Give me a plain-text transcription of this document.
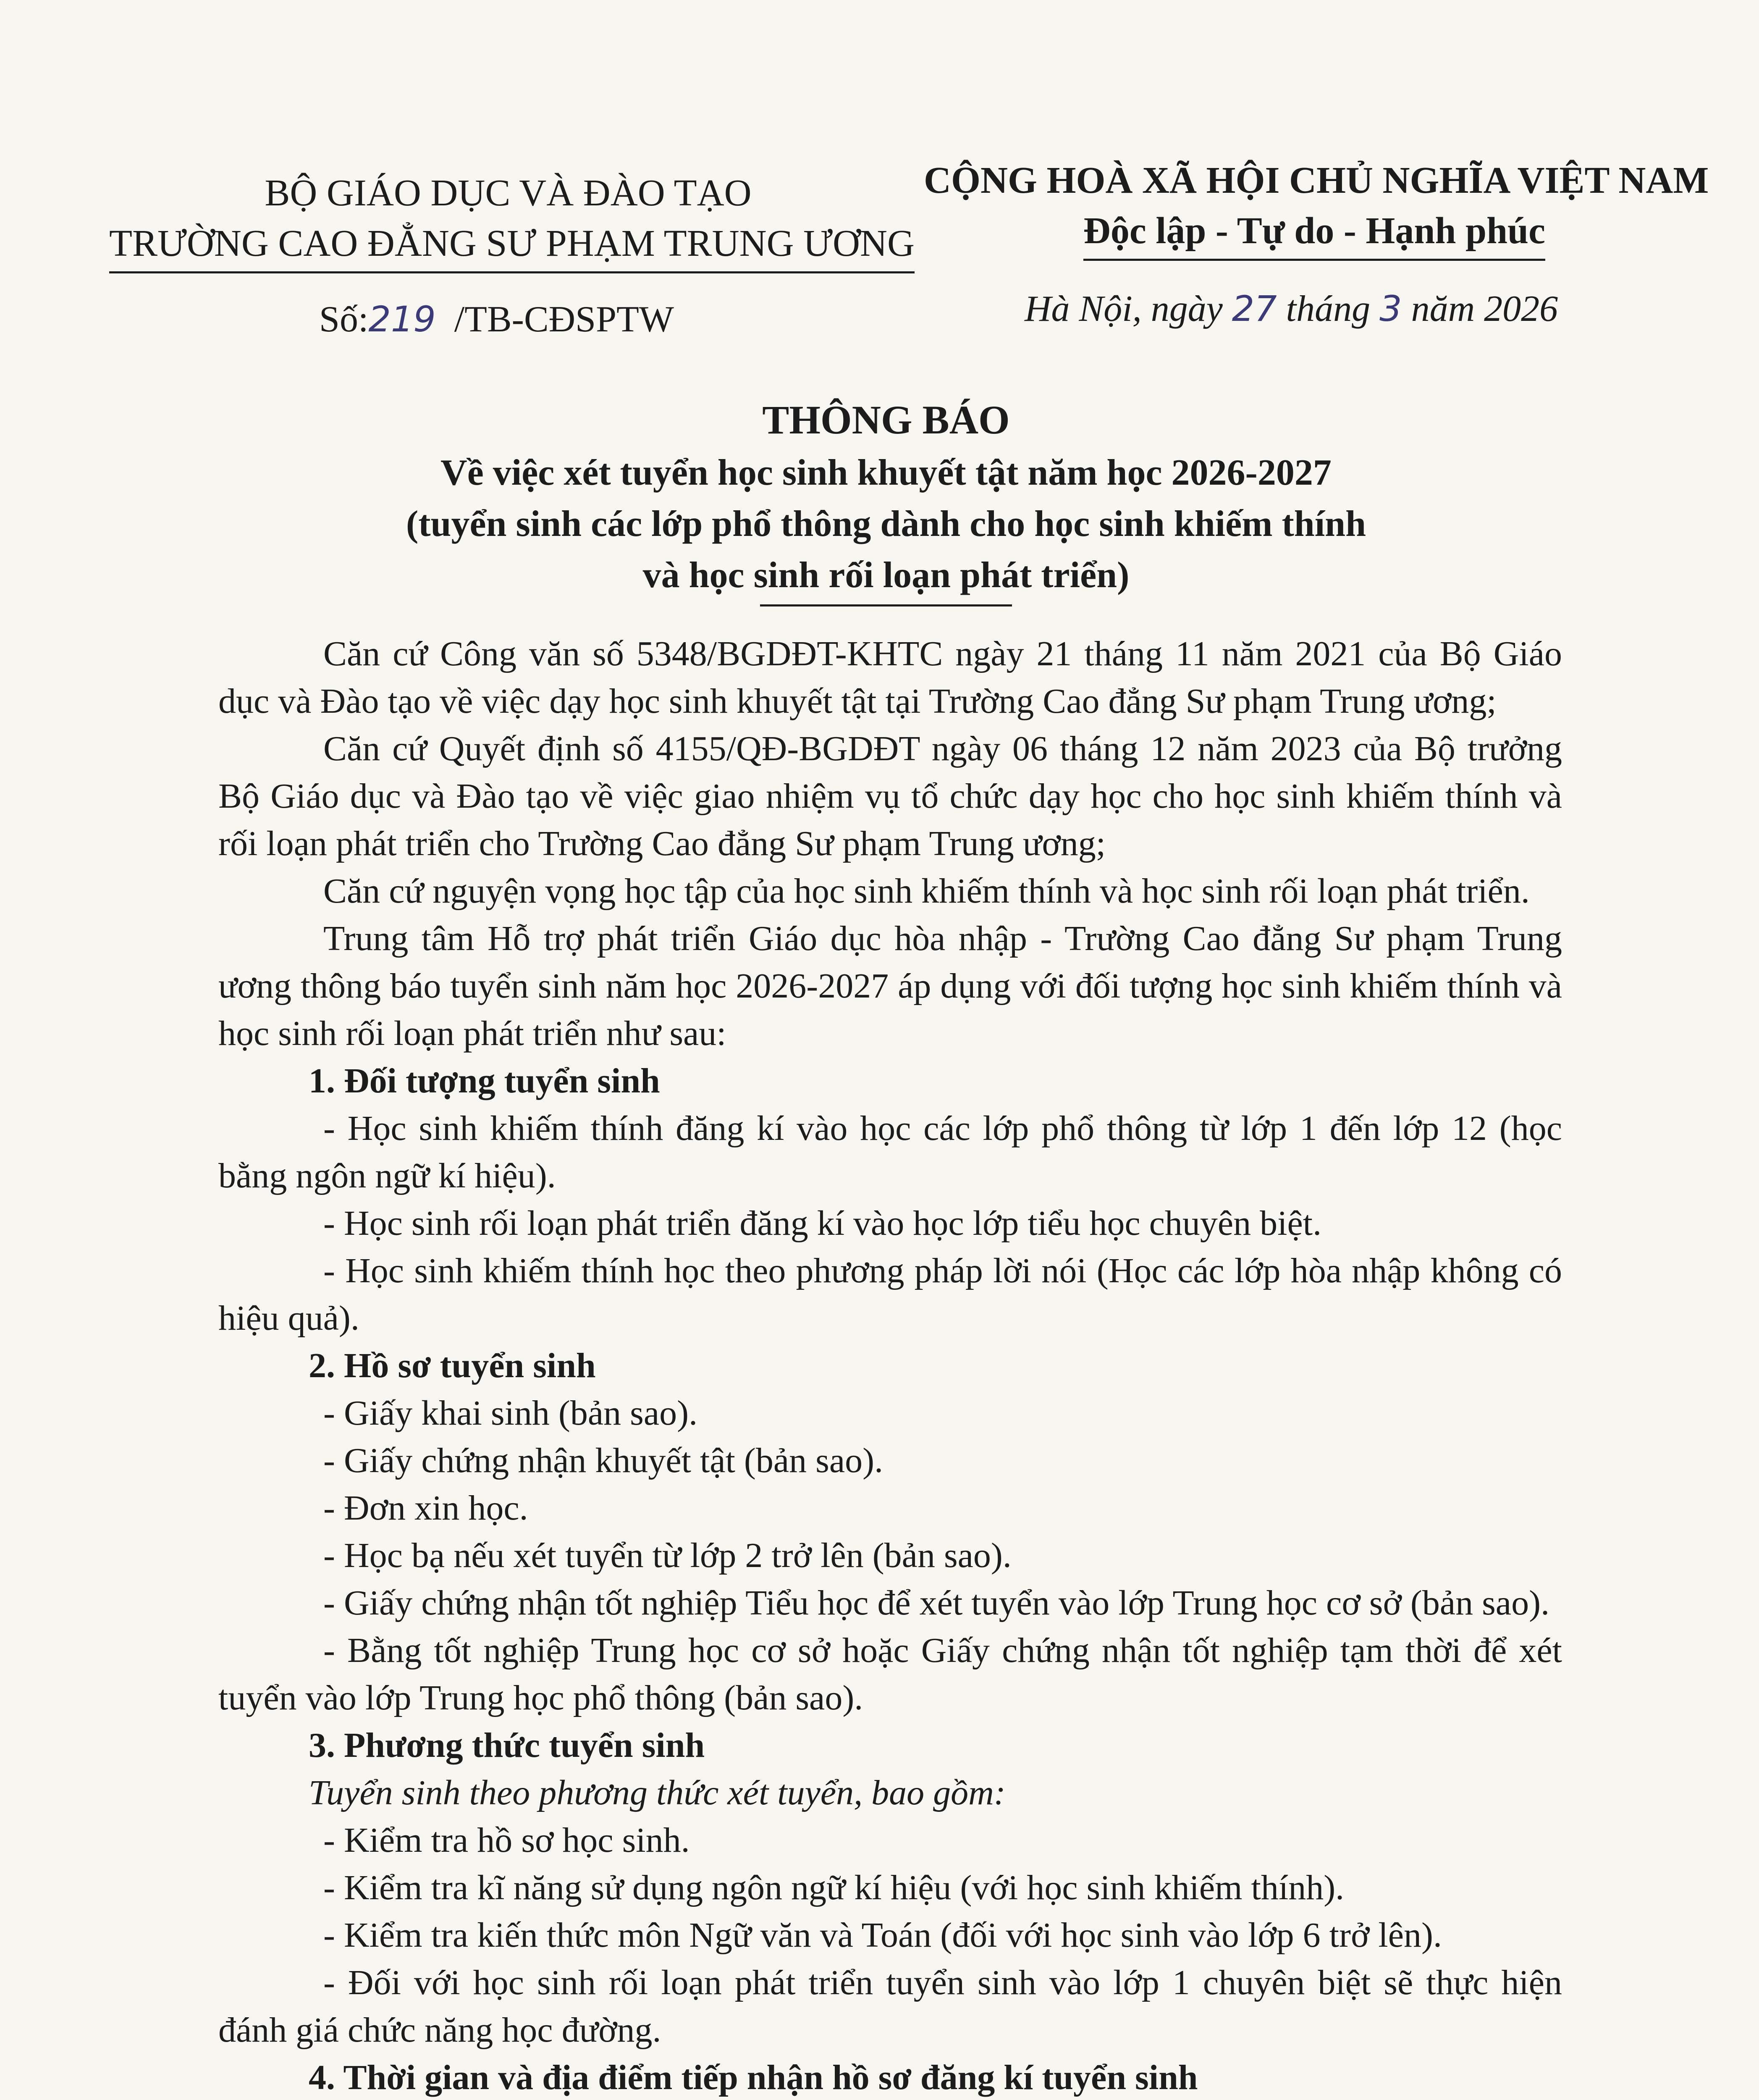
BỘ GIÁO DỤC VÀ ĐÀO TẠO
TRƯỜNG CAO ĐẲNG SƯ PHẠM TRUNG ƯƠNG
CỘNG HOÀ XÃ HỘI CHỦ NGHĨA VIỆT NAM
Độc lập - Tự do - Hạnh phúc
Số:219 /TB-CĐSPTW	Hà Nội, ngày 27 tháng 3 năm 2026
THÔNG BÁO
Về việc xét tuyển học sinh khuyết tật năm học 2026-2027
(tuyển sinh các lớp phổ thông dành cho học sinh khiếm thính
và học sinh rối loạn phát triển)

Căn cứ Công văn số 5348/BGDĐT-KHTC ngày 21 tháng 11 năm 2021 của Bộ Giáo dục và Đào tạo về việc dạy học sinh khuyết tật tại Trường Cao đẳng Sư phạm Trung ương;

Căn cứ Quyết định số 4155/QĐ-BGDĐT ngày 06 tháng 12 năm 2023 của Bộ trưởng Bộ Giáo dục và Đào tạo về việc giao nhiệm vụ tổ chức dạy học cho học sinh khiếm thính và rối loạn phát triển cho Trường Cao đẳng Sư phạm Trung ương;

Căn cứ nguyện vọng học tập của học sinh khiếm thính và học sinh rối loạn phát triển.

Trung tâm Hỗ trợ phát triển Giáo dục hòa nhập - Trường Cao đẳng Sư phạm Trung ương thông báo tuyển sinh năm học 2026-2027 áp dụng với đối tượng học sinh khiếm thính và học sinh rối loạn phát triển như sau:

1. Đối tượng tuyển sinh

- Học sinh khiếm thính đăng kí vào học các lớp phổ thông từ lớp 1 đến lớp 12 (học bằng ngôn ngữ kí hiệu).

- Học sinh rối loạn phát triển đăng kí vào học lớp tiểu học chuyên biệt.

- Học sinh khiếm thính học theo phương pháp lời nói (Học các lớp hòa nhập không có hiệu quả).

2. Hồ sơ tuyển sinh

- Giấy khai sinh (bản sao).

- Giấy chứng nhận khuyết tật (bản sao).

- Đơn xin học.

- Học bạ nếu xét tuyển từ lớp 2 trở lên (bản sao).

- Giấy chứng nhận tốt nghiệp Tiểu học để xét tuyển vào lớp Trung học cơ sở (bản sao).

- Bằng tốt nghiệp Trung học cơ sở hoặc Giấy chứng nhận tốt nghiệp tạm thời để xét tuyển vào lớp Trung học phổ thông (bản sao).

3. Phương thức tuyển sinh

Tuyển sinh theo phương thức xét tuyển, bao gồm:

- Kiểm tra hồ sơ học sinh.

- Kiểm tra kĩ năng sử dụng ngôn ngữ kí hiệu (với học sinh khiếm thính).

- Kiểm tra kiến thức môn Ngữ văn và Toán (đối với học sinh vào lớp 6 trở lên).

- Đối với học sinh rối loạn phát triển tuyển sinh vào lớp 1 chuyên biệt sẽ thực hiện đánh giá chức năng học đường.

4. Thời gian và địa điểm tiếp nhận hồ sơ đăng kí tuyển sinh
